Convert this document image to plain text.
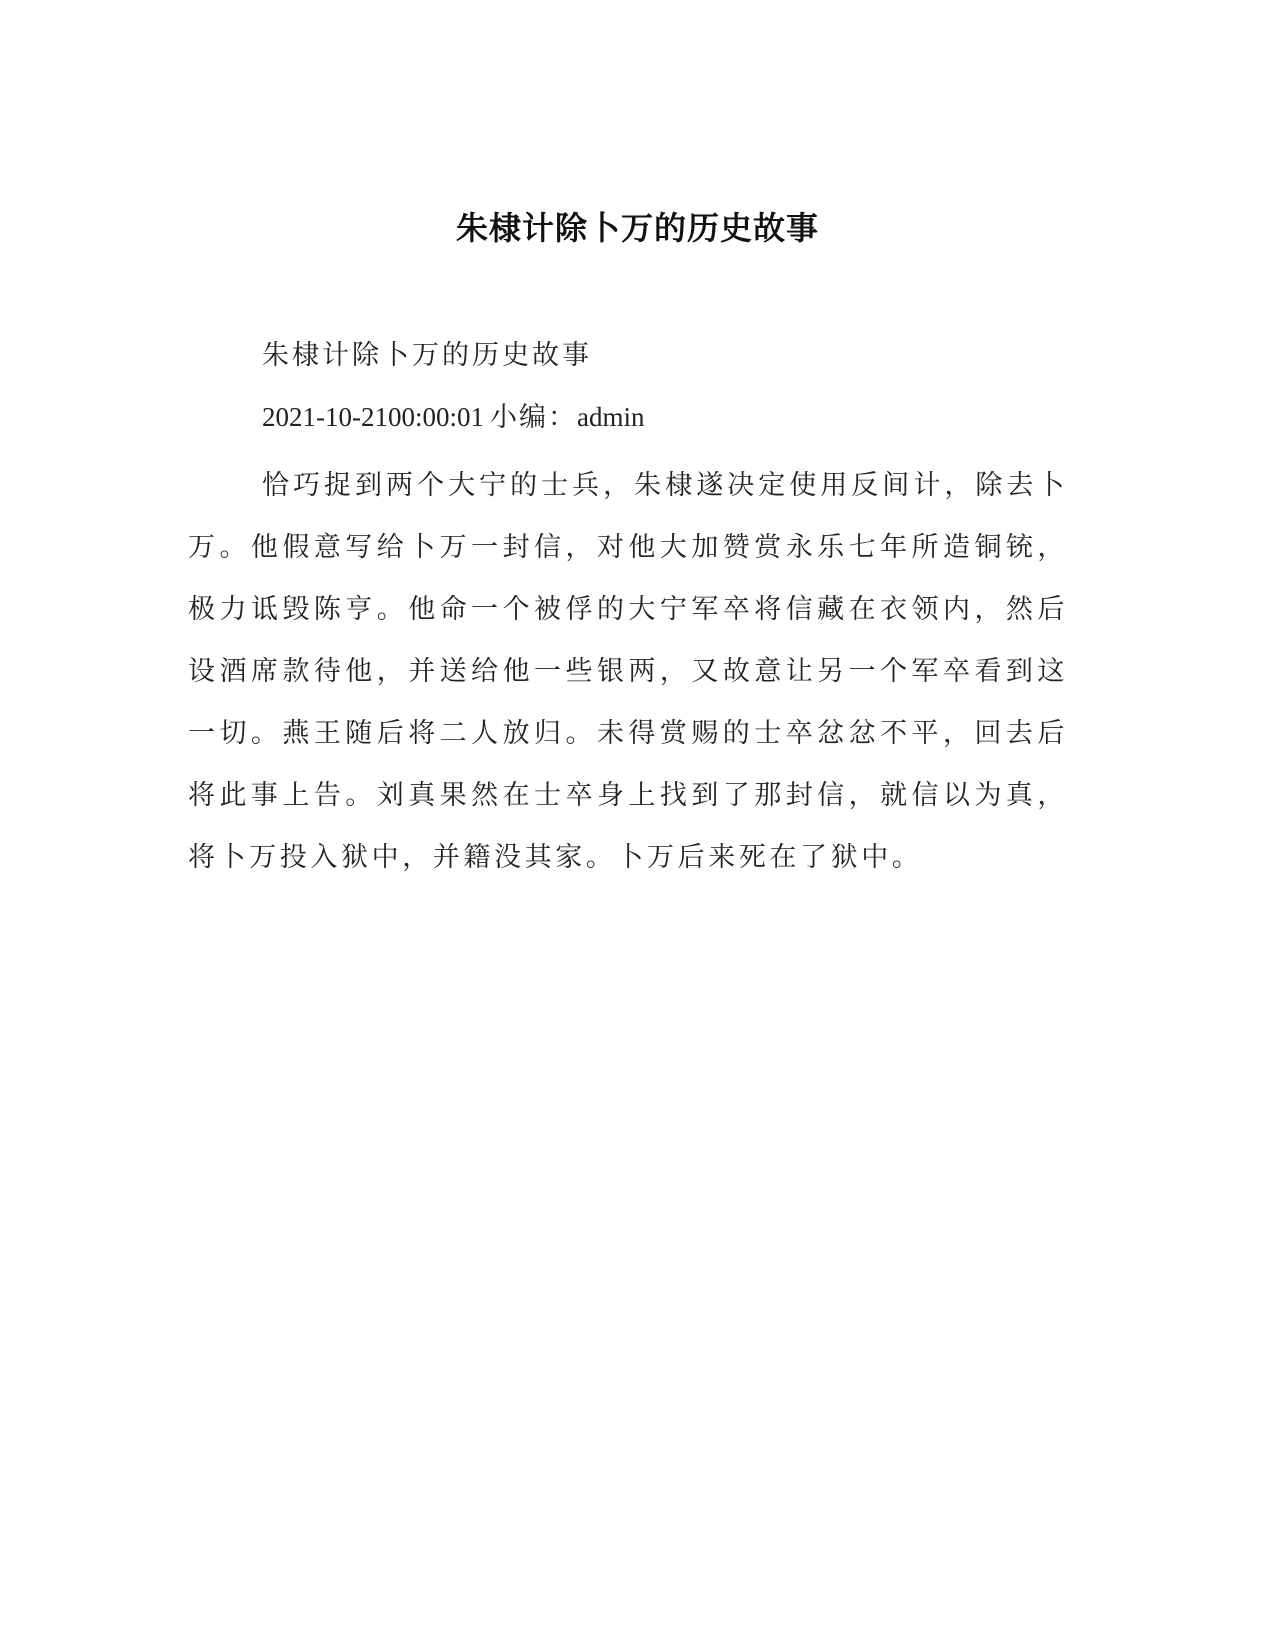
朱棣计除卜万的历史故事
朱棣计除卜万的历史故事
2021-10-2100:00:01 小编：admin

恰巧捉到两个大宁的士兵，朱棣遂决定使用反间计，除去卜万。他假意写给卜万一封信，对他大加赞赏永乐七年所造铜铳，极力诋毁陈亨。他命一个被俘的大宁军卒将信藏在衣领内，然后设酒席款待他，并送给他一些银两，又故意让另一个军卒看到这一切。燕王随后将二人放归。未得赏赐的士卒忿忿不平，回去后将此事上告。刘真果然在士卒身上找到了那封信，就信以为真，将卜万投入狱中，并籍没其家。卜万后来死在了狱中。
